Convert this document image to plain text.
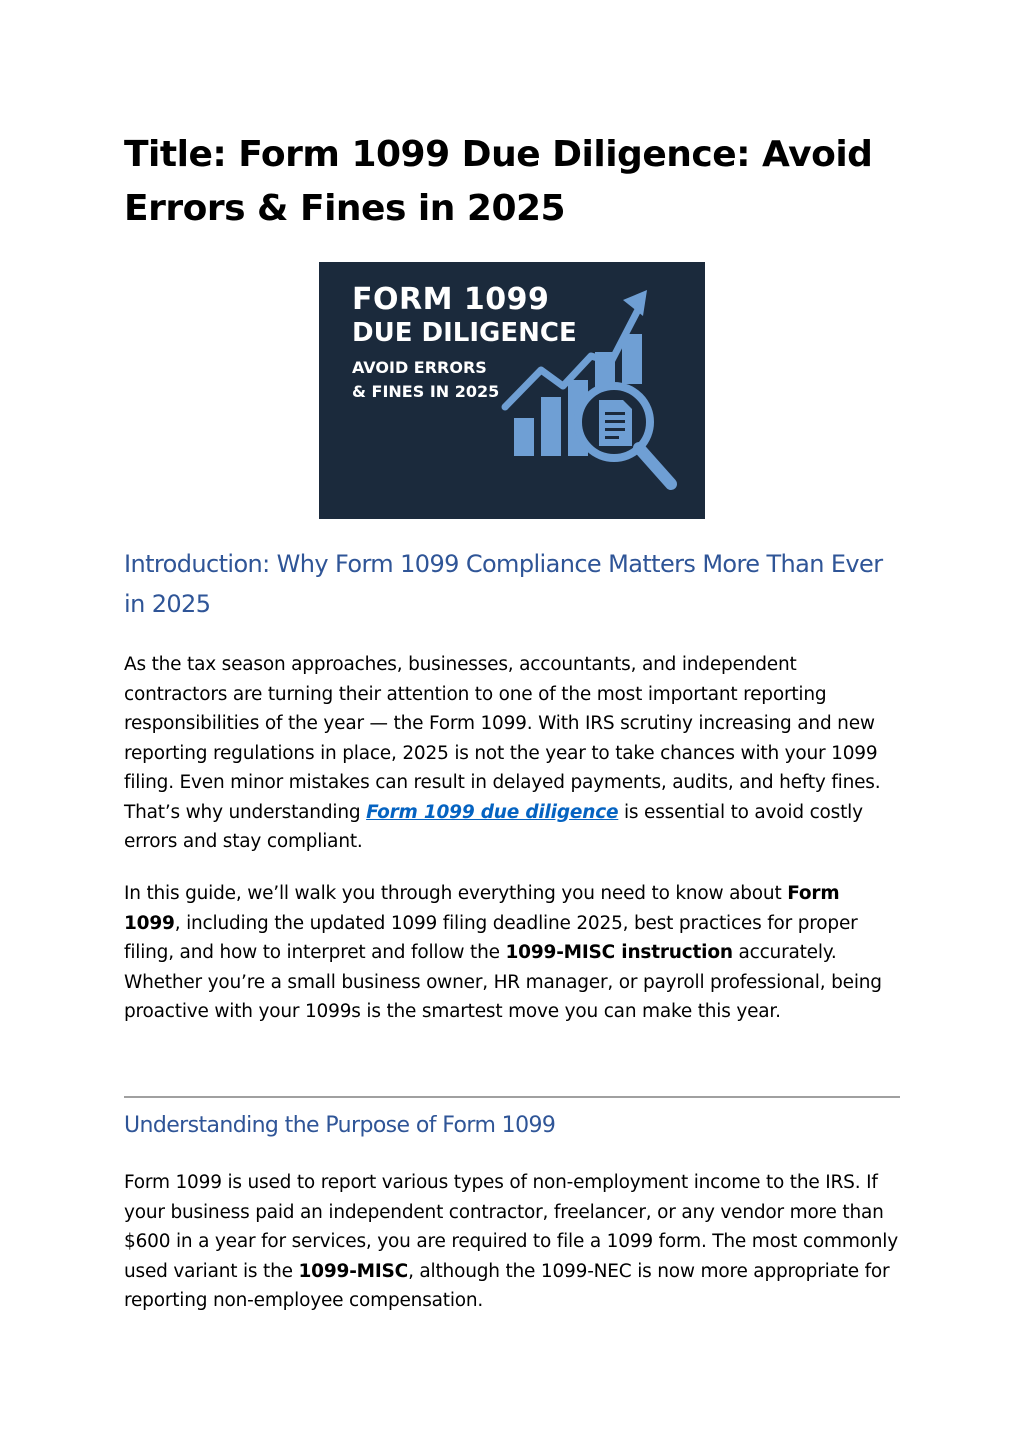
Title: Form 1099 Due Diligence: Avoid Errors & Fines in 2025
FORM 1099
DUE DILIGENCE
AVOID ERRORS
& FINES IN 2025
Introduction: Why Form 1099 Compliance Matters More Than Ever in 2025

As the tax season approaches, businesses, accountants, and independent contractors are turning their attention to one of the most important reporting responsibilities of the year — the Form 1099. With IRS scrutiny increasing and new reporting regulations in place, 2025 is not the year to take chances with your 1099 filing. Even minor mistakes can result in delayed payments, audits, and hefty fines. That’s why understanding Form 1099 due diligence is essential to avoid costly errors and stay compliant.

In this guide, we’ll walk you through everything you need to know about Form 1099, including the updated 1099 filing deadline 2025, best practices for proper filing, and how to interpret and follow the 1099-MISC instruction accurately. Whether you’re a small business owner, HR manager, or payroll professional, being proactive with your 1099s is the smartest move you can make this year.

Understanding the Purpose of Form 1099

Form 1099 is used to report various types of non-employment income to the IRS. If your business paid an independent contractor, freelancer, or any vendor more than $600 in a year for services, you are required to file a 1099 form. The most commonly used variant is the 1099-MISC, although the 1099-NEC is now more appropriate for reporting non-employee compensation.
